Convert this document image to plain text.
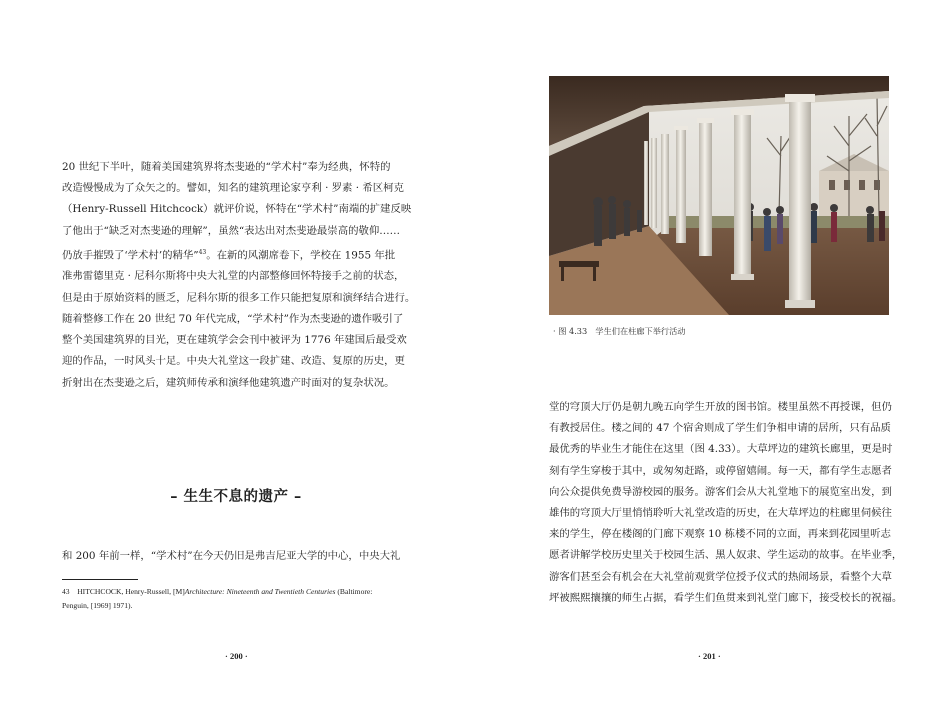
20 世纪下半叶，随着美国建筑界将杰斐逊的“学术村”奉为经典，怀特的
改造慢慢成为了众矢之的。譬如，知名的建筑理论家亨利 · 罗素 · 希区柯克
（Henry-Russell Hitchcock）就评价说，怀特在“学术村”南端的扩建反映
了他出于“缺乏对杰斐逊的理解”，虽然“表达出对杰斐逊最崇高的敬仰……
仍放手摧毁了‘学术村’的精华”$^{43}$。在新的风潮席卷下，学校在 1955 年批
准弗雷德里克 · 尼科尔斯将中央大礼堂的内部整修回怀特接手之前的状态，
但是由于原始资料的匮乏，尼科尔斯的很多工作只能把复原和演绎结合进行。
随着整修工作在 20 世纪 70 年代完成，“学术村”作为杰斐逊的遗作吸引了
整个美国建筑界的目光，更在建筑学会会刊中被评为 1776 年建国后最受欢
迎的作品，一时风头十足。中央大礼堂这一段扩建、改造、复原的历史，更
折射出在杰斐逊之后，建筑师传承和演绎他建筑遗产时面对的复杂状况。
– 生生不息的遗产 –
和 200 年前一样，“学术村”在今天仍旧是弗吉尼亚大学的中心，中央大礼
43 HITCHCOCK, Henry-Russell, [M]Architecture: Nineteenth and Twentieth Centuries (Baltimore:
Penguin, [1969] 1971).
· 200 ·
· 图 4.33　学生们在柱廊下举行活动
堂的穹顶大厅仍是朝九晚五向学生开放的图书馆。楼里虽然不再授课，但仍
有教授居住。楼之间的 47 个宿舍则成了学生们争相申请的居所，只有品质
最优秀的毕业生才能住在这里（图 4.33）。大草坪边的建筑长廊里，更是时
刻有学生穿梭于其中，或匆匆赶路，或停留嬉闹。每一天，都有学生志愿者
向公众提供免费导游校园的服务。游客们会从大礼堂地下的展览室出发，到
雄伟的穹顶大厅里悄悄聆听大礼堂改造的历史，在大草坪边的柱廊里伺候往
来的学生，停在楼阁的门廊下观察 10 栋楼不同的立面，再来到花园里听志
愿者讲解学校历史里关于校园生活、黑人奴隶、学生运动的故事。在毕业季，
游客们甚至会有机会在大礼堂前观赏学位授予仪式的热闹场景，看整个大草
坪被熙熙攘攘的师生占据，看学生们鱼贯来到礼堂门廊下，接受校长的祝福。
· 201 ·
